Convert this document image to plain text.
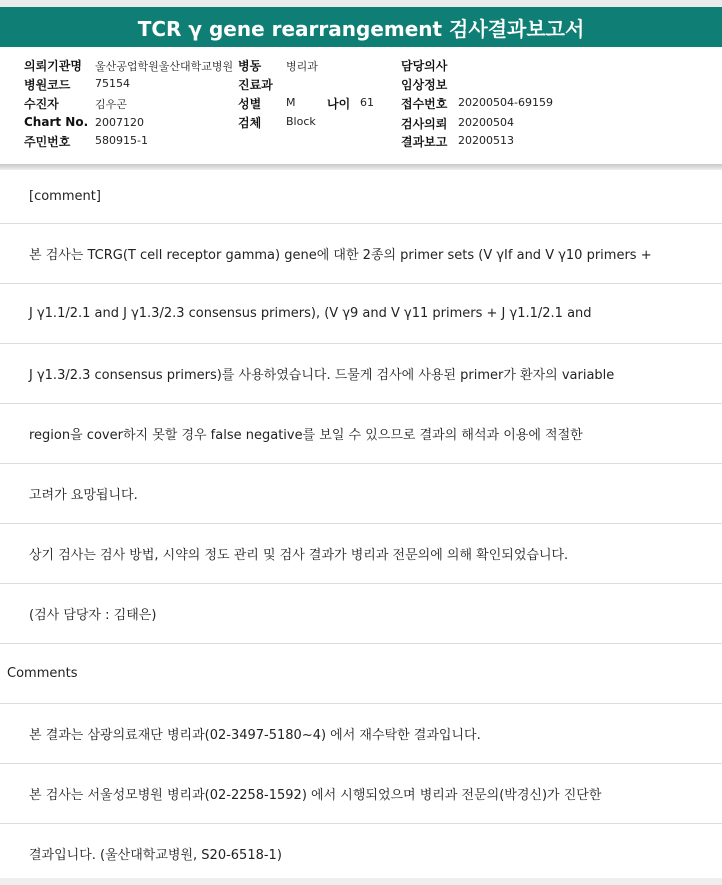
TCR γ gene rearrangement 검사결과보고서
의뢰기관명 울산공업학원울산대학교병원
병원코드 75154
수진자	김우곤
Chart No. 2007120
주민번호 580915-1
병동 병리과
진료과
성별 M	나이 61
검체 Block
담당의사
임상정보
접수번호 20200504-69159
검사의뢰 20200504
결과보고 20200513
[comment]
본 검사는 TCRG(T cell receptor gamma) gene에 대한 2종의 primer sets (V γIf and V γ10 primers +
J γ1.1/2.1 and J γ1.3/2.3 consensus primers), (V γ9 and V γ11 primers + J γ1.1/2.1 and
J γ1.3/2.3 consensus primers)를 사용하였습니다. 드물게 검사에 사용된 primer가 환자의 variable
region을 cover하지 못할 경우 false negative를 보일 수 있으므로 결과의 해석과 이용에 적절한
고려가 요망됩니다.
상기 검사는 검사 방법, 시약의 정도 관리 및 검사 결과가 병리과 전문의에 의해 확인되었습니다.
(검사 담당자 : 김태은)
Comments
본 결과는 삼광의료재단 병리과(02-3497-5180~4) 에서 재수탁한 결과입니다.
본 검사는 서울성모병원 병리과(02-2258-1592) 에서 시행되었으며 병리과 전문의(박경신)가 진단한
결과입니다. (울산대학교병원, S20-6518-1)
